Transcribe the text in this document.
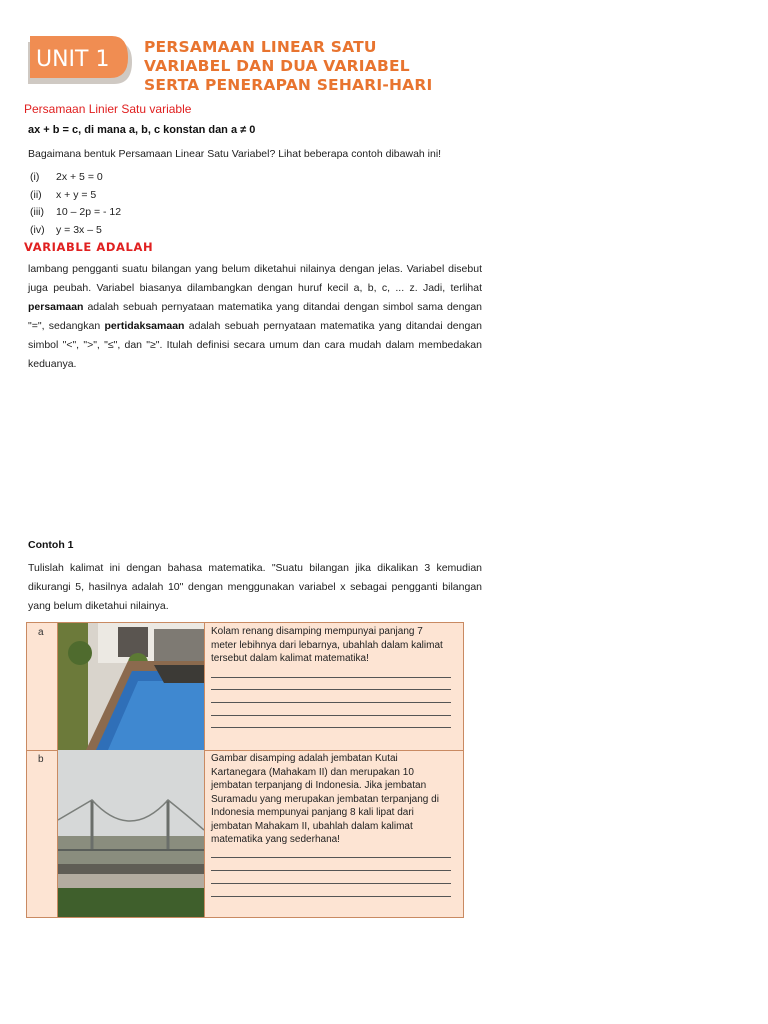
UNIT 1 PERSAMAAN LINEAR SATU
VARIABEL DAN DUA VARIABEL
SERTA PENERAPAN SEHARI-HARI
Persamaan Linier Satu variable
ax + b = c, di mana a, b, c konstan dan a ≠ 0
Bagaimana bentuk Persamaan Linear Satu Variabel? Lihat beberapa contoh dibawah ini!
(i) 2x + 5 = 0
(ii) x + y = 5
(iii) 10 – 2p = - 12
(iv) y = 3x – 5
VARIABLE ADALAH
lambang pengganti suatu bilangan yang belum diketahui nilainya dengan jelas. Variabel disebut juga peubah. Variabel biasanya dilambangkan dengan huruf kecil a, b, c, ... z. Jadi, terlihat persamaan adalah sebuah pernyataan matematika yang ditandai dengan simbol sama dengan "=", sedangkan pertidaksamaan adalah sebuah pernyataan matematika yang ditandai dengan simbol "<", ">", "≤", dan "≥". Itulah definisi secara umum dan cara mudah dalam membedakan keduanya.
Contoh 1
Tulislah kalimat ini dengan bahasa matematika. "Suatu bilangan jika dikalikan 3 kemudian dikurangi 5, hasilnya adalah 10" dengan menggunakan variabel x sebagai pengganti bilangan yang belum diketahui nilainya.
a	Kolam renang disamping mempunyai panjang 7 meter lebihnya dari lebarnya, ubahlah dalam kalimat tersebut dalam kalimat matematika!
b	Gambar disamping adalah jembatan Kutai Kartanegara (Mahakam II) dan merupakan 10 jembatan terpanjang di Indonesia. Jika jembatan Suramadu yang merupakan jembatan terpanjang di Indonesia mempunyai panjang 8 kali lipat dari jembatan Mahakam II, ubahlah dalam kalimat matematika yang sederhana!
